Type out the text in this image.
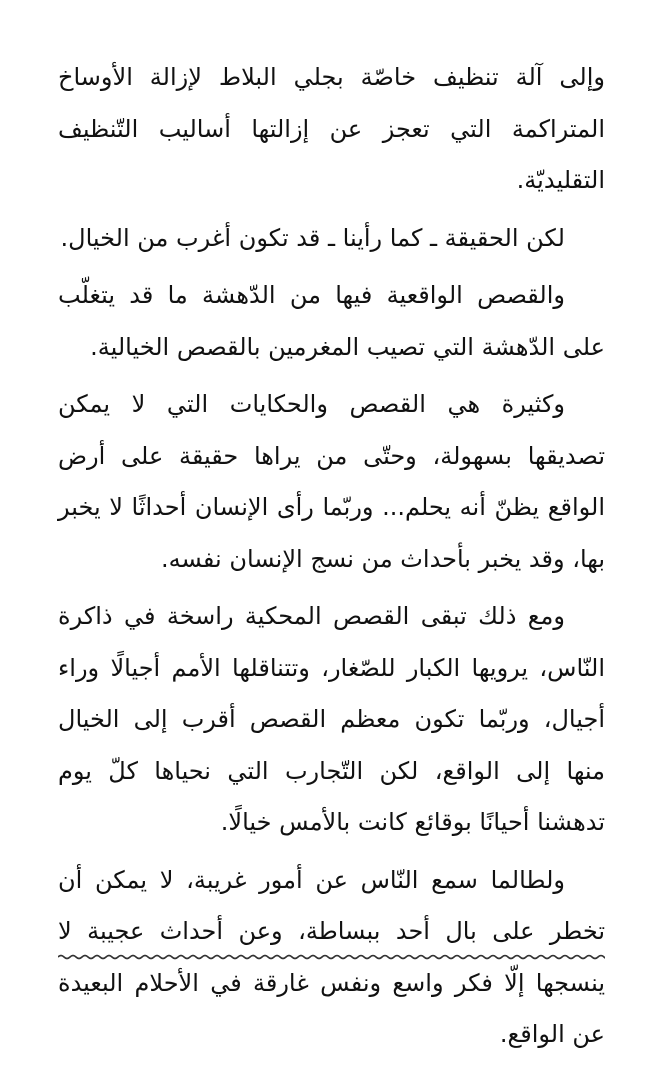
وإلى آلة تنظيف خاصّة بجلي البلاط لإزالة الأوساخ المتراكمة التي تعجز عن إزالتها أساليب التّنظيف التقليديّة.

لكن الحقيقة ـ كما رأينا ـ قد تكون أغرب من الخيال.

والقصص الواقعية فيها من الدّهشة ما قد يتغلّب على الدّهشة التي تصيب المغرمين بالقصص الخيالية.

وكثيرة هي القصص والحكايات التي لا يمكن تصديقها بسهولة، وحتّى من يراها حقيقة على أرض الواقع يظنّ أنه يحلم... وربّما رأى الإنسان أحداثًا لا يخبر بها، وقد يخبر بأحداث من نسج الإنسان نفسه.

ومع ذلك تبقى القصص المحكية راسخة في ذاكرة النّاس، يرويها الكبار للصّغار، وتتناقلها الأمم أجيالًا وراء أجيال، وربّما تكون معظم القصص أقرب إلى الخيال منها إلى الواقع، لكن التّجارب التي نحياها كلّ يوم تدهشنا أحيانًا بوقائع كانت بالأمس خيالًا.

ولطالما سمع النّاس عن أمور غريبة، لا يمكن أن تخطر على بال أحد ببساطة، وعن أحداث عجيبة لا ينسجها إلّا فكر واسع ونفس غارقة في الأحلام البعيدة عن الواقع.
